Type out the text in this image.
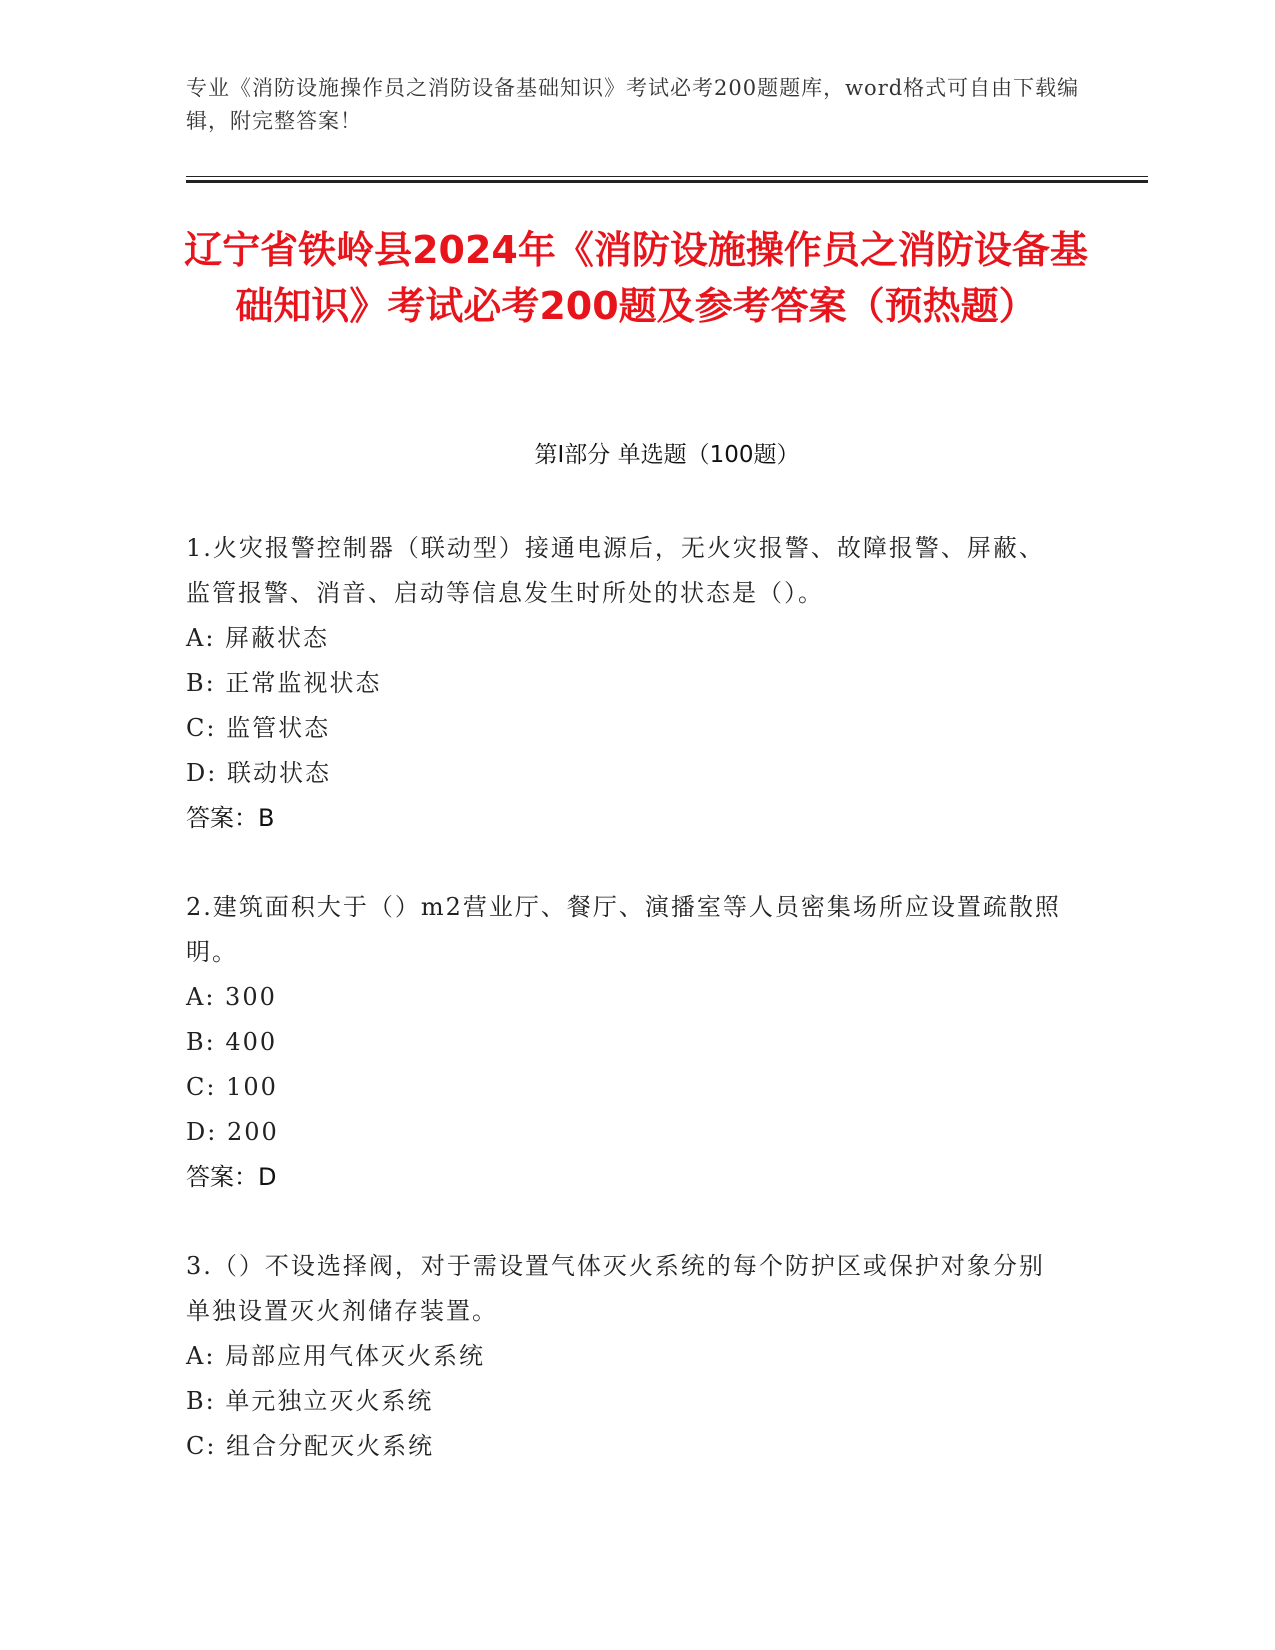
专业《消防设施操作员之消防设备基础知识》考试必考200题题库，word格式可自由下载编辑，附完整答案！
辽宁省铁岭县2024年《消防设施操作员之消防设备基础知识》考试必考200题及参考答案（预热题）
第I部分 单选题（100题）
1.火灾报警控制器（联动型）接通电源后，无火灾报警、故障报警、屏蔽、监管报警、消音、启动等信息发生时所处的状态是（）。
A: 屏蔽状态
B: 正常监视状态
C: 监管状态
D: 联动状态
答案：B
2.建筑面积大于（）m2营业厅、餐厅、演播室等人员密集场所应设置疏散照明。
A: 300
B: 400
C: 100
D: 200
答案：D
3.（）不设选择阀，对于需设置气体灭火系统的每个防护区或保护对象分别单独设置灭火剂储存装置。
A: 局部应用气体灭火系统
B: 单元独立灭火系统
C: 组合分配灭火系统
